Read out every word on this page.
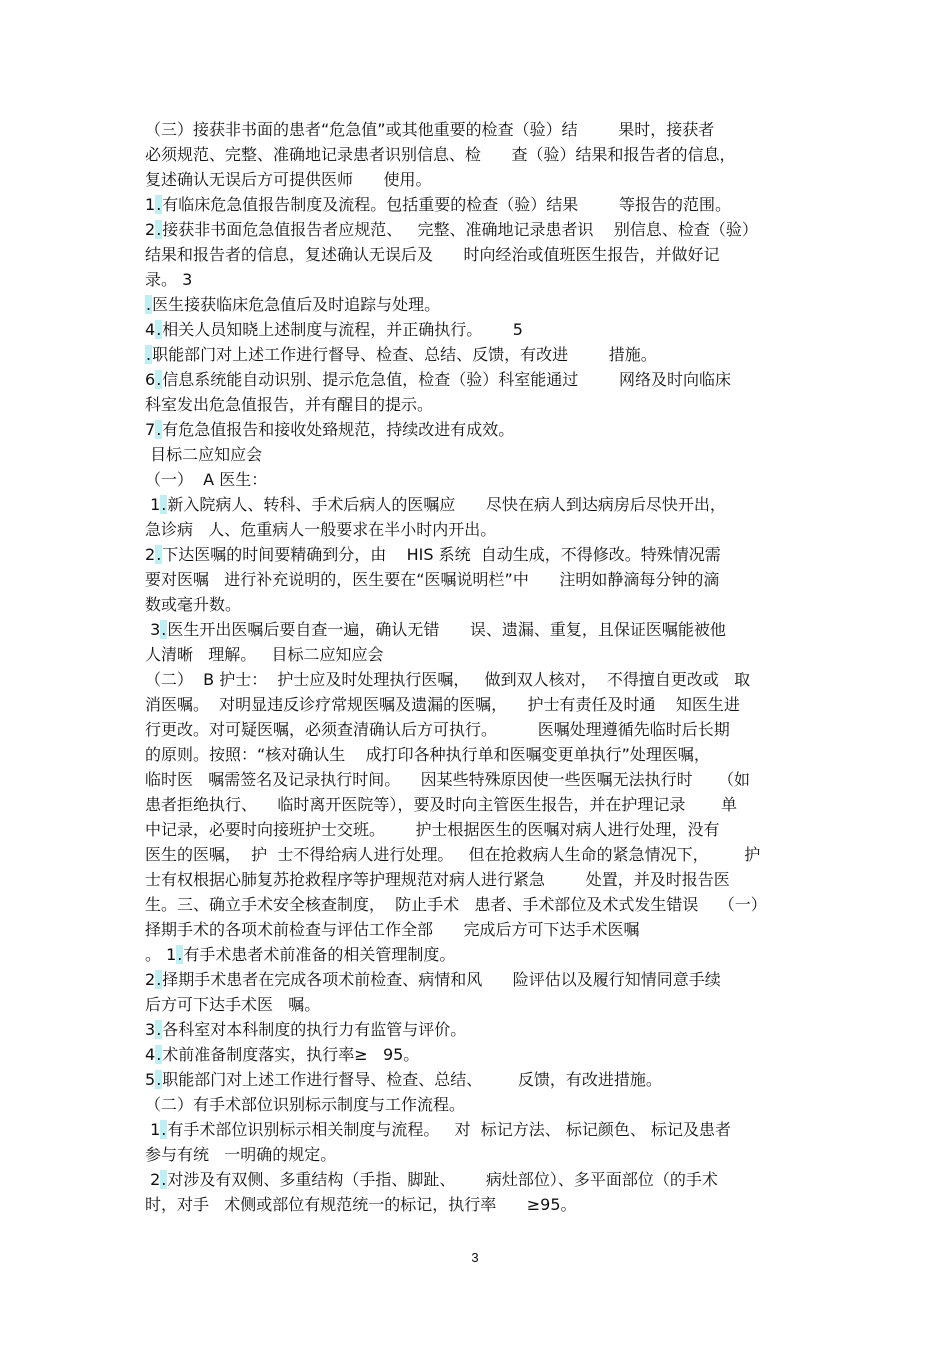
（三）接获非书面的患者“危急值”或其他重要的检查（验）结        果时，接获者
必须规范、完整、准确地记录患者识别信息、检      查（验）结果和报告者的信息，
复述确认无误后方可提供医师      使用。
1.有临床危急值报告制度及流程。包括重要的检查（验）结果        等报告的范围。
2.接获非书面危急值报告者应规范、   完整、准确地记录患者识    别信息、检查（验）
结果和报告者的信息，复述确认无误后及      时向经治或值班医生报告，并做好记
录。 3
.医生接获临床危急值后及时追踪与处理。
4.相关人员知晓上述制度与流程，并正确执行。      5
.职能部门对上述工作进行督导、检查、总结、反馈，有改进        措施。
6.信息系统能自动识别、提示危急值，检查（验）科室能通过        网络及时向临床
科室发出危急值报告，并有醒目的提示。
7.有危急值报告和接收处臵规范，持续改进有成效。
目标二应知应会
（一）  A 医生：
1.新入院病人、转科、手术后病人的医嘱应      尽快在病人到达病房后尽快开出，
急诊病   人、危重病人一般要求在半小时内开出。
2.下达医嘱的时间要精确到分，由    HIS 系统  自动生成，不得修改。特殊情况需
要对医嘱   进行补充说明的，医生要在“医嘱说明栏”中      注明如静滴每分钟的滴
数或毫升数。
3.医生开出医嘱后要自查一遍，确认无错      误、遗漏、重复，且保证医嘱能被他
人清晰   理解。   目标二应知应会
（二）  B 护士：  护士应及时处理执行医嘱，   做到双人核对，  不得擅自更改或   取
消医嘱。  对明显违反诊疗常规医嘱及遗漏的医嘱，    护士有责任及时通    知医生进
行更改。对可疑医嘱，必须查清确认后方可执行。        医嘱处理遵循先临时后长期
的原则。按照：“核对确认生    成打印各种执行单和医嘱变更单执行”处理医嘱，
临时医   嘱需签名及记录执行时间。    因某些特殊原因使一些医嘱无法执行时     （如
患者拒绝执行、    临时离开医院等），要及时向主管医生报告，并在护理记录       单
中记录，必要时向接班护士交班。      护士根据医生的医嘱对病人进行处理，没有
医生的医嘱，  护  士不得给病人进行处理。   但在抢救病人生命的紧急情况下，       护
士有权根据心肺复苏抢救程序等护理规范对病人进行紧急        处置，并及时报告医
生。三、确立手术安全核查制度，  防止手术   患者、手术部位及术式发生错误    （一）
择期手术的各项术前检查与评估工作全部      完成后方可下达手术医嘱
。 1.有手术患者术前准备的相关管理制度。
2.择期手术患者在完成各项术前检查、病情和风      险评估以及履行知情同意手续
后方可下达手术医   嘱。
3.各科室对本科制度的执行力有监管与评价。
4.术前准备制度落实，执行率≥   95。
5.职能部门对上述工作进行督导、检查、总结、       反馈，有改进措施。
（二）有手术部位识别标示制度与工作流程。
1.有手术部位识别标示相关制度与流程。   对  标记方法、 标记颜色、 标记及患者
参与有统   一明确的规定。
2.对涉及有双侧、多重结构（手指、脚趾、      病灶部位）、多平面部位（的手术
时，对手   术侧或部位有规范统一的标记，执行率      ≥95。
3
